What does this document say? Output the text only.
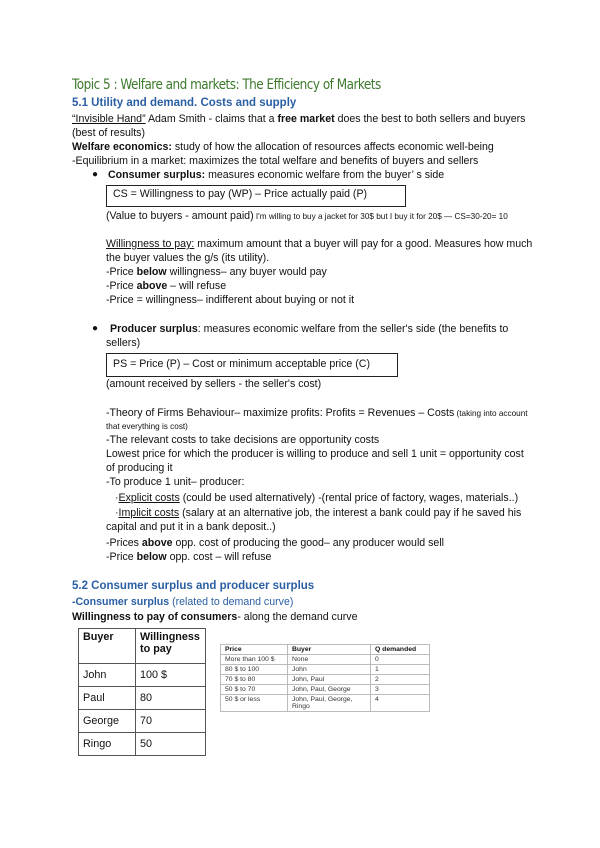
Topic 5 : Welfare and markets: The Efficiency of Markets
5.1 Utility and demand. Costs and supply
“Invisible Hand” Adam Smith - claims that a free market does the best to both sellers and buyers
(best of results)
Welfare economics: study of how the allocation of resources affects economic well-being
-Equilibrium in a market: maximizes the total welfare and benefits of buyers and sellers
● Consumer surplus: measures economic welfare from the buyer’ s side
CS = Willingness to pay (WP) – Price actually paid (P)
(Value to buyers - amount paid) I'm willing to buy a jacket for 30$ but I buy it for 20$ — CS=30-20= 10
Willingness to pay: maximum amount that a buyer will pay for a good. Measures how much
the buyer values the g/s (its utility).
-Price below willingness– any buyer would pay
-Price above – will refuse
-Price = willingness– indifferent about buying or not it
● Producer surplus: measures economic welfare from the seller's side (the benefits to
sellers)
PS = Price (P) – Cost or minimum acceptable price (C)
(amount received by sellers - the seller's cost)
-Theory of Firms Behaviour– maximize profits: Profits = Revenues – Costs (taking into account
that everything is cost)
-The relevant costs to take decisions are opportunity costs
Lowest price for which the producer is willing to produce and sell 1 unit = opportunity cost
of producing it
-To produce 1 unit– producer:
·Explicit costs (could be used alternatively) -(rental price of factory, wages, materials..)
·Implicit costs (salary at an alternative job, the interest a bank could pay if he saved his
capital and put it in a bank deposit..)
-Prices above opp. cost of producing the good– any producer would sell
-Price below opp. cost – will refuse
5.2 Consumer surplus and producer surplus
-Consumer surplus (related to demand curve)
Willingness to pay of consumers- along the demand curve
Buyer	Willingness to pay
John	100 $
Paul	80
George	70
Ringo	50
Price	Buyer	Q demanded
More than 100 $	None	0
80 $ to 100	John	1
70 $ to 80	John, Paul	2
50 $ to 70	John, Paul, George	3
50 $ or less	John, Paul, George, Ringo	4
